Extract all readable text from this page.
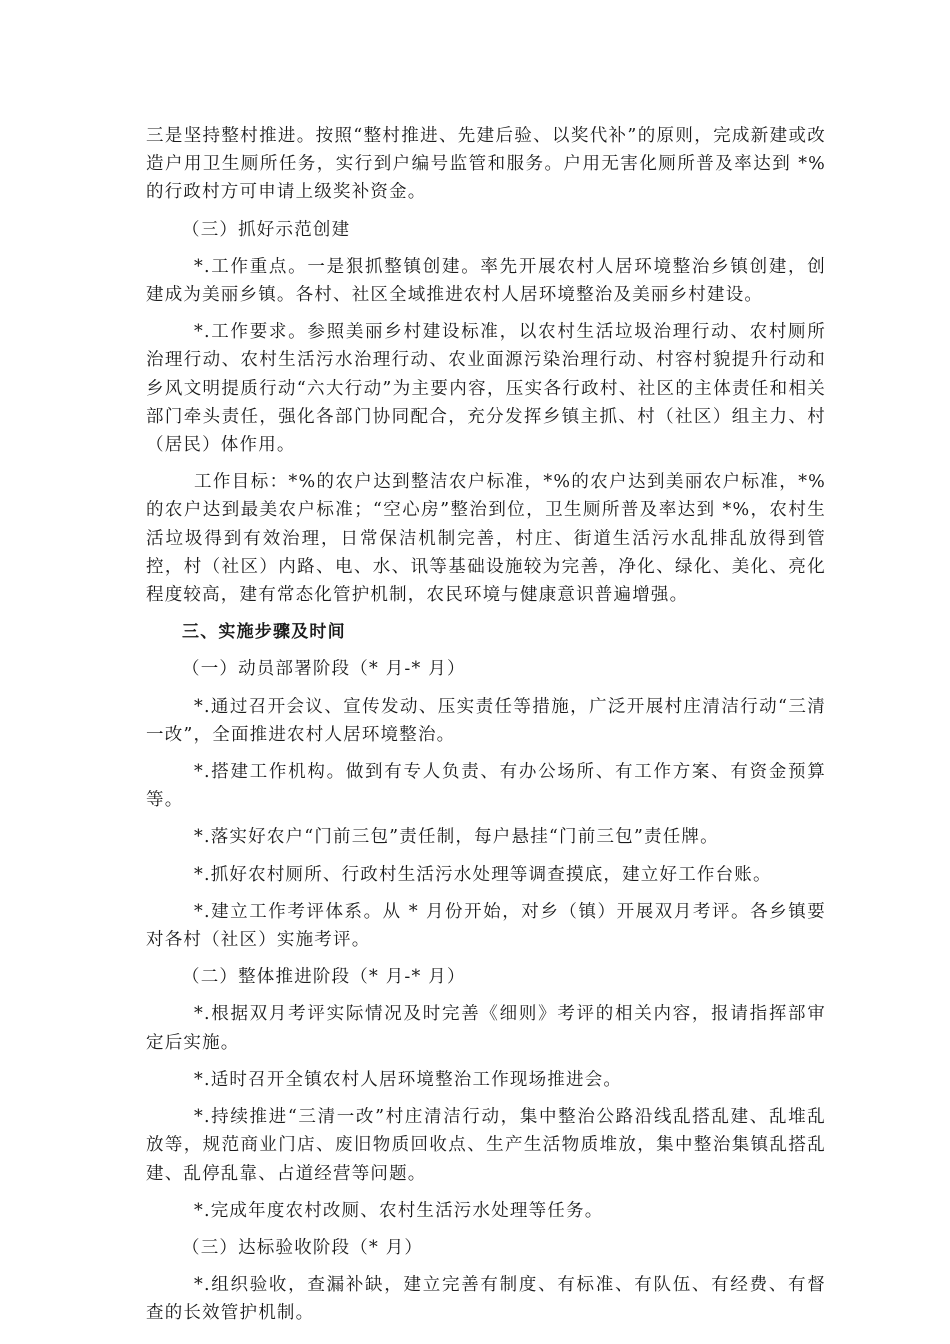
三是坚持整村推进。按照“整村推进、先建后验、以奖代补”的原则，完成新建或改造户用卫生厕所任务，实行到户编号监管和服务。户用无害化厕所普及率达到 *%的行政村方可申请上级奖补资金。

（三）抓好示范创建

*.工作重点。一是狠抓整镇创建。率先开展农村人居环境整治乡镇创建，创建成为美丽乡镇。各村、社区全域推进农村人居环境整治及美丽乡村建设。

*.工作要求。参照美丽乡村建设标准，以农村生活垃圾治理行动、农村厕所治理行动、农村生活污水治理行动、农业面源污染治理行动、村容村貌提升行动和乡风文明提质行动“六大行动”为主要内容，压实各行政村、社区的主体责任和相关部门牵头责任，强化各部门协同配合，充分发挥乡镇主抓、村（社区）组主力、村（居民）体作用。

工作目标：*%的农户达到整洁农户标准，*%的农户达到美丽农户标准，*%的农户达到最美农户标准；“空心房”整治到位，卫生厕所普及率达到 *%，农村生活垃圾得到有效治理，日常保洁机制完善，村庄、街道生活污水乱排乱放得到管控，村（社区）内路、电、水、讯等基础设施较为完善，净化、绿化、美化、亮化程度较高，建有常态化管护机制，农民环境与健康意识普遍增强。

三、实施步骤及时间

（一）动员部署阶段（* 月-* 月）

*.通过召开会议、宣传发动、压实责任等措施，广泛开展村庄清洁行动“三清一改”，全面推进农村人居环境整治。

*.搭建工作机构。做到有专人负责、有办公场所、有工作方案、有资金预算等。

*.落实好农户“门前三包”责任制，每户悬挂“门前三包”责任牌。

*.抓好农村厕所、行政村生活污水处理等调查摸底，建立好工作台账。

*.建立工作考评体系。从 * 月份开始，对乡（镇）开展双月考评。各乡镇要对各村（社区）实施考评。

（二）整体推进阶段（* 月-* 月）

*.根据双月考评实际情况及时完善《细则》考评的相关内容，报请指挥部审定后实施。

*.适时召开全镇农村人居环境整治工作现场推进会。

*.持续推进“三清一改”村庄清洁行动，集中整治公路沿线乱搭乱建、乱堆乱放等，规范商业门店、废旧物质回收点、生产生活物质堆放，集中整治集镇乱搭乱建、乱停乱靠、占道经营等问题。

*.完成年度农村改厕、农村生活污水处理等任务。

（三）达标验收阶段（* 月）

*.组织验收，查漏补缺，建立完善有制度、有标准、有队伍、有经费、有督查的长效管护机制。
